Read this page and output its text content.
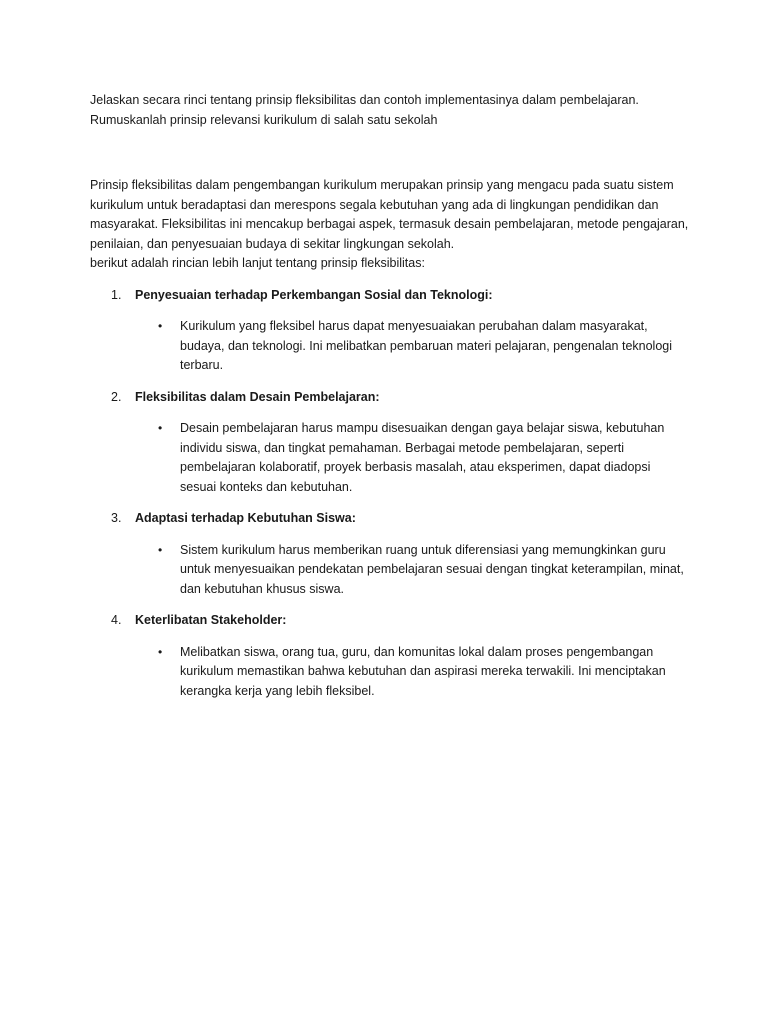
Jelaskan secara rinci tentang prinsip fleksibilitas dan contoh implementasinya dalam pembelajaran.

Rumuskanlah prinsip relevansi kurikulum di salah satu sekolah

Prinsip fleksibilitas dalam pengembangan kurikulum merupakan prinsip yang mengacu pada suatu sistem kurikulum untuk beradaptasi dan merespons segala kebutuhan yang ada di lingkungan pendidikan dan masyarakat. Fleksibilitas ini mencakup berbagai aspek, termasuk desain pembelajaran, metode pengajaran, penilaian, dan penyesuaian budaya di sekitar lingkungan sekolah.

berikut adalah rincian lebih lanjut tentang prinsip fleksibilitas:

1. Penyesuaian terhadap Perkembangan Sosial dan Teknologi:
• Kurikulum yang fleksibel harus dapat menyesuaiakan perubahan dalam masyarakat, budaya, dan teknologi. Ini melibatkan pembaruan materi pelajaran, pengenalan teknologi terbaru.
2. Fleksibilitas dalam Desain Pembelajaran:
• Desain pembelajaran harus mampu disesuaikan dengan gaya belajar siswa, kebutuhan individu siswa, dan tingkat pemahaman. Berbagai metode pembelajaran, seperti pembelajaran kolaboratif, proyek berbasis masalah, atau eksperimen, dapat diadopsi sesuai konteks dan kebutuhan.
3. Adaptasi terhadap Kebutuhan Siswa:
• Sistem kurikulum harus memberikan ruang untuk diferensiasi yang memungkinkan guru untuk menyesuaikan pendekatan pembelajaran sesuai dengan tingkat keterampilan, minat, dan kebutuhan khusus siswa.
4. Keterlibatan Stakeholder:
• Melibatkan siswa, orang tua, guru, dan komunitas lokal dalam proses pengembangan kurikulum memastikan bahwa kebutuhan dan aspirasi mereka terwakili. Ini menciptakan kerangka kerja yang lebih fleksibel.
